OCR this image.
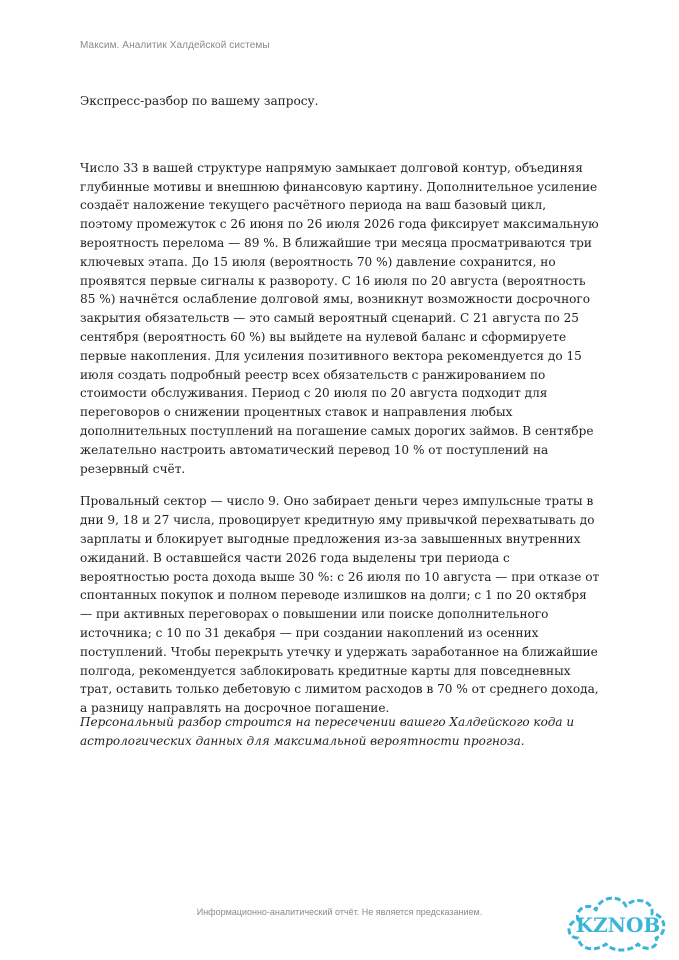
Максим. Аналитик Халдейской системы

Экспресс-разбор по вашему запросу.

Число 33 в вашей структуре напрямую замыкает долговой контур, объединяя глубинные мотивы и внешнюю финансовую картину. Дополнительное усиление создаёт наложение текущего расчётного периода на ваш базовый цикл, поэтому промежуток с 26 июня по 26 июля 2026 года фиксирует максимальную вероятность перелома — 89 %. В ближайшие три месяца просматриваются три ключевых этапа. До 15 июля (вероятность 70 %) давление сохранится, но проявятся первые сигналы к развороту. С 16 июля по 20 августа (вероятность 85 %) начнётся ослабление долговой ямы, возникнут возможности досрочного закрытия обязательств — это самый вероятный сценарий. С 21 августа по 25 сентября (вероятность 60 %) вы выйдете на нулевой баланс и сформируете первые накопления. Для усиления позитивного вектора рекомендуется до 15 июля создать подробный реестр всех обязательств с ранжированием по стоимости обслуживания. Период с 20 июля по 20 августа подходит для переговоров о снижении процентных ставок и направления любых дополнительных поступлений на погашение самых дорогих займов. В сентябре желательно настроить автоматический перевод 10 % от поступлений на резервный счёт.

Провальный сектор — число 9. Оно забирает деньги через импульсные траты в дни 9, 18 и 27 числа, провоцирует кредитную яму привычкой перехватывать до зарплаты и блокирует выгодные предложения из-за завышенных внутренних ожиданий. В оставшейся части 2026 года выделены три периода с вероятностью роста дохода выше 30 %: с 26 июля по 10 августа — при отказе от спонтанных покупок и полном переводе излишков на долги; с 1 по 20 октября — при активных переговорах о повышении или поиске дополнительного источника; с 10 по 31 декабря — при создании накоплений из осенних поступлений. Чтобы перекрыть утечку и удержать заработанное на ближайшие полгода, рекомендуется заблокировать кредитные карты для повседневных трат, оставить только дебетовую с лимитом расходов в 70 % от среднего дохода, а разницу направлять на досрочное погашение.

Персональный разбор строится на пересечении вашего Халдейского кода и астрологических данных для максимальной вероятности прогноза.

Информационно-аналитический отчёт. Не является предсказанием.
KZNOB
